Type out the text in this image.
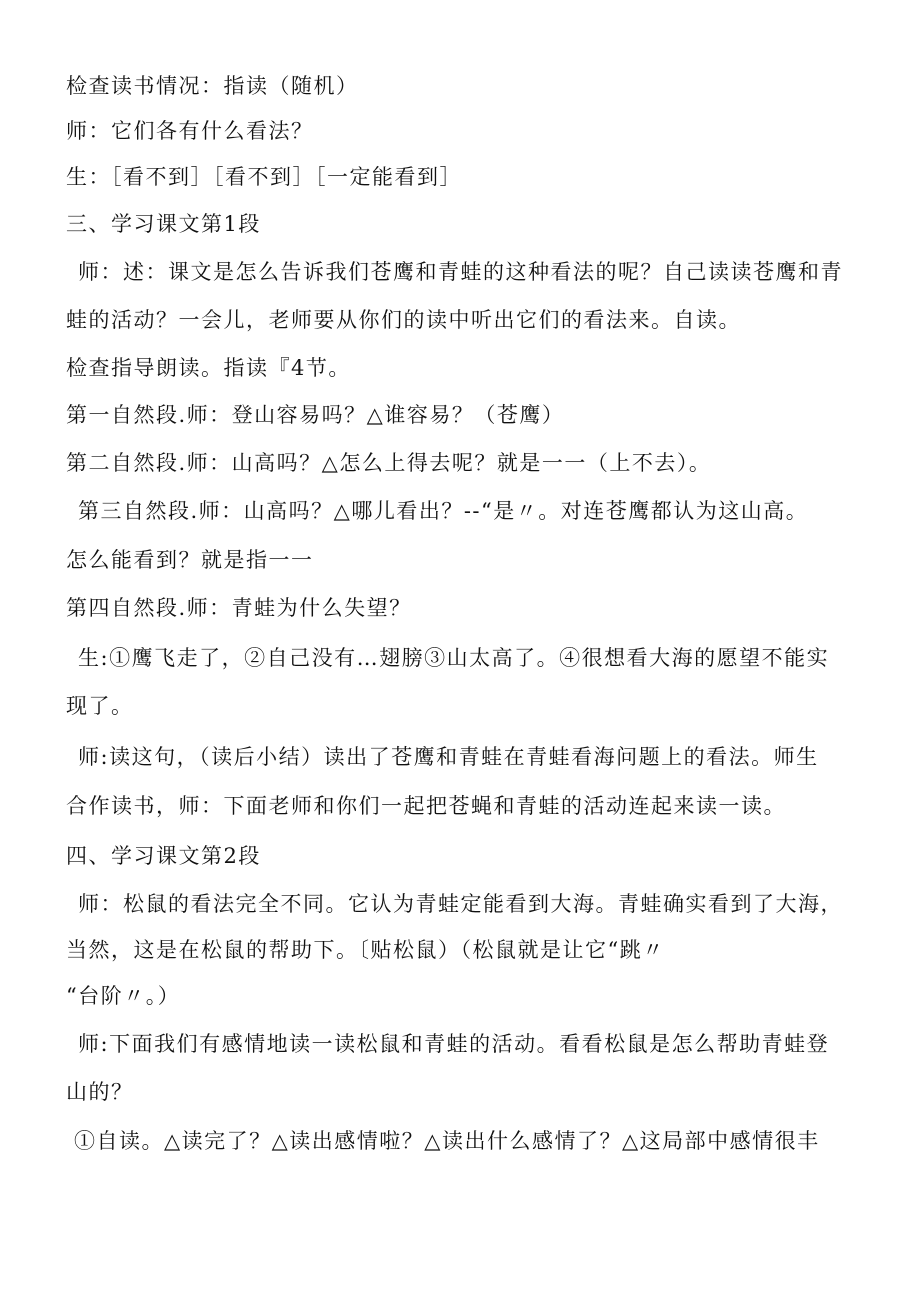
检查读书情况：指读（随机）
师：它们各有什么看法？
生：［看不到］［看不到］［一定能看到］
三、学习课文第1段
师：述：课文是怎么告诉我们苍鹰和青蛙的这种看法的呢？自己读读苍鹰和青
蛙的活动？一会儿，老师要从你们的读中听出它们的看法来。自读。
检查指导朗读。指读『4节。
第一自然段.师：登山容易吗？△谁容易？（苍鹰）
第二自然段.师：山高吗？△怎么上得去呢？就是一一（上不去）。
第三自然段.师：山高吗？△哪儿看出？--“是〃。对连苍鹰都认为这山高。
怎么能看到？就是指一一
第四自然段.师：青蛙为什么失望？
生:①鹰飞走了，②自己没有…翅膀③山太高了。④很想看大海的愿望不能实
现了。
师:读这句，（读后小结）读出了苍鹰和青蛙在青蛙看海问题上的看法。师生
合作读书，师：下面老师和你们一起把苍蝇和青蛙的活动连起来读一读。
四、学习课文第2段
师：松鼠的看法完全不同。它认为青蛙定能看到大海。青蛙确实看到了大海，
当然，这是在松鼠的帮助下。〔贴松鼠）（松鼠就是让它“跳〃
“台阶〃。）
师:下面我们有感情地读一读松鼠和青蛙的活动。看看松鼠是怎么帮助青蛙登
山的？
①自读。△读完了？△读出感情啦？△读出什么感情了？△这局部中感情很丰
